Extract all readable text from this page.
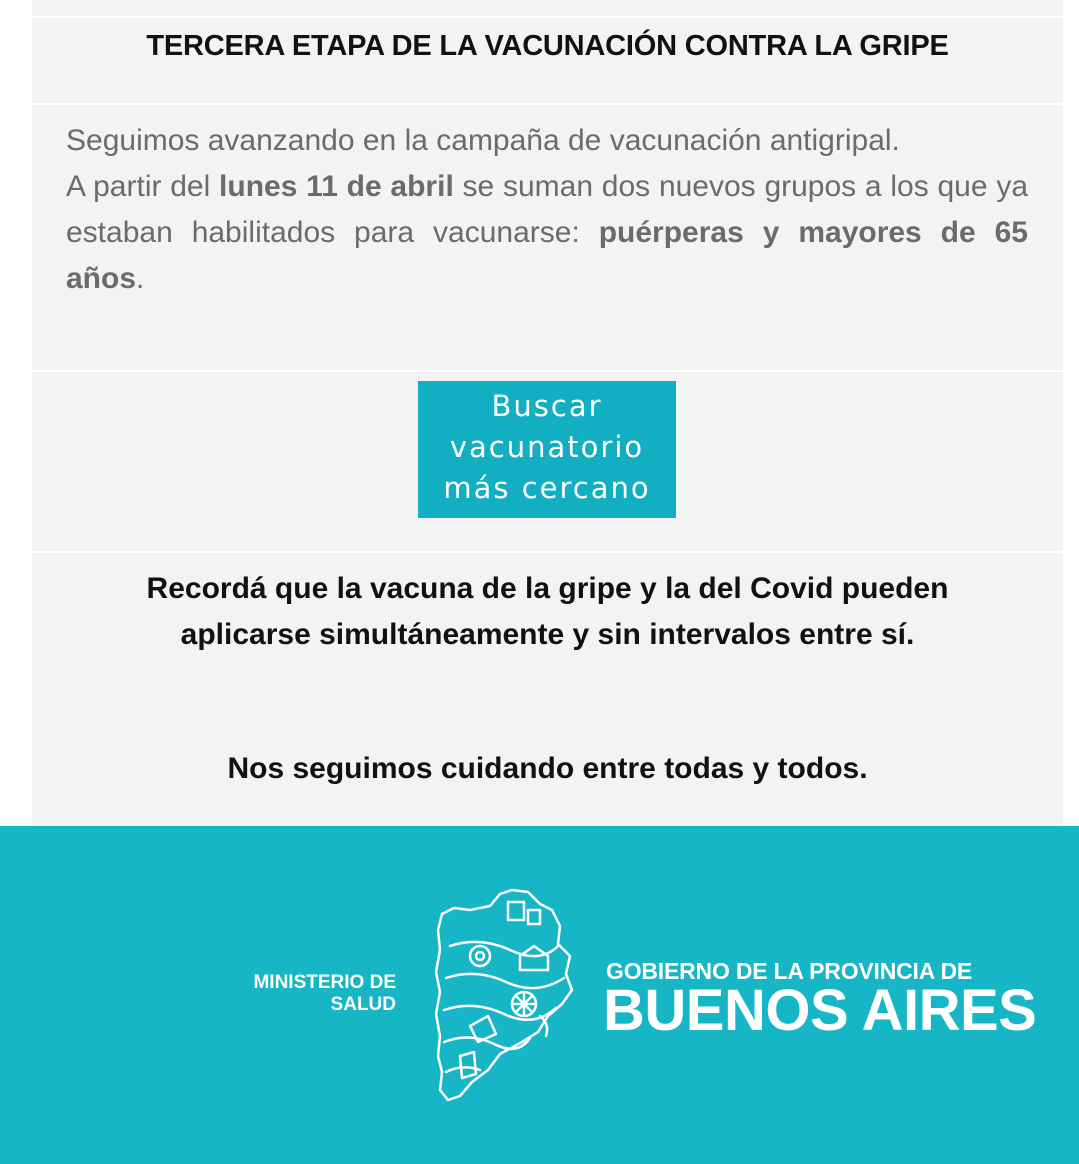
TERCERA ETAPA DE LA VACUNACIÓN CONTRA LA GRIPE
Seguimos avanzando en la campaña de vacunación antigripal.
A partir del lunes 11 de abril se suman dos nuevos grupos a los que ya estaban habilitados para vacunarse: puérperas y mayores de 65 años.
Buscar
vacunatorio
más cercano
Recordá que la vacuna de la gripe y la del Covid pueden
aplicarse simultáneamente y sin intervalos entre sí.
Nos seguimos cuidando entre todas y todos.
MINISTERIO DE
SALUD
GOBIERNO DE LA PROVINCIA DE
BUENOS AIRES
